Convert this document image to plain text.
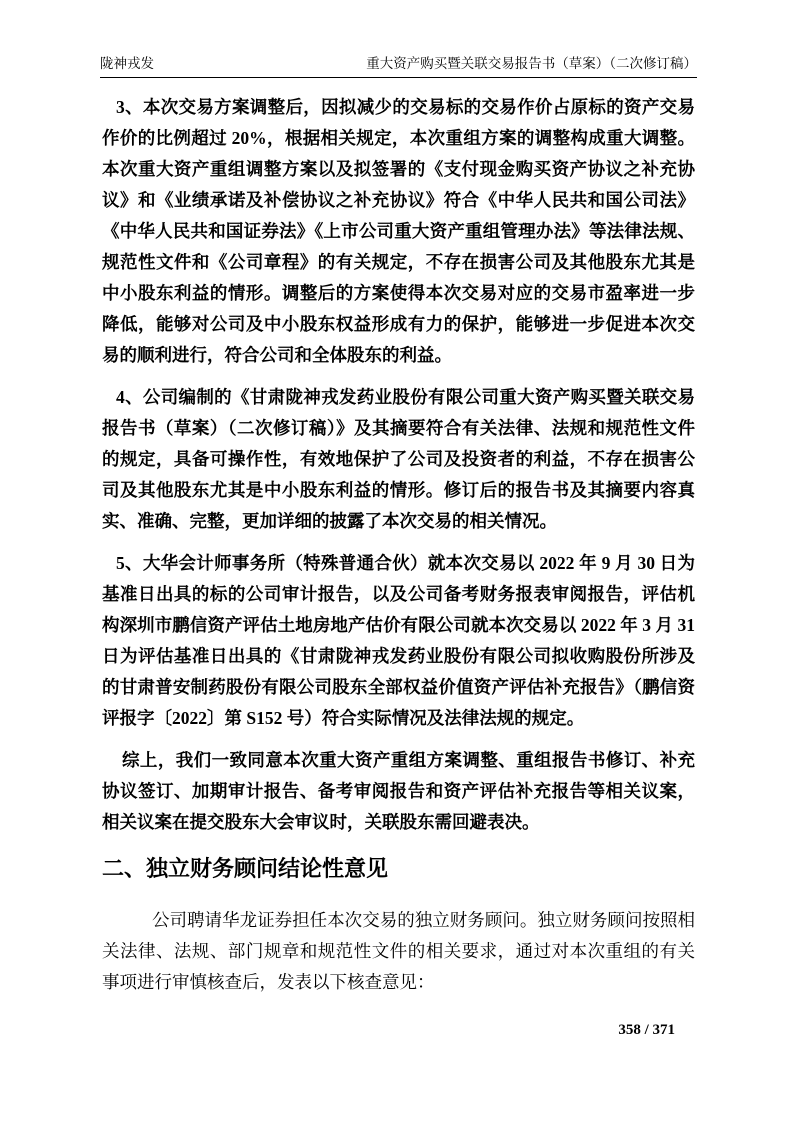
陇神戎发	重大资产购买暨关联交易报告书（草案）（二次修订稿）

3、本次交易方案调整后，因拟减少的交易标的交易作价占原标的资产交易作价的比例超过 20%，根据相关规定，本次重组方案的调整构成重大调整。本次重大资产重组调整方案以及拟签署的《支付现金购买资产协议之补充协议》和《业绩承诺及补偿协议之补充协议》符合《中华人民共和国公司法》《中华人民共和国证券法》《上市公司重大资产重组管理办法》等法律法规、规范性文件和《公司章程》的有关规定，不存在损害公司及其他股东尤其是中小股东利益的情形。调整后的方案使得本次交易对应的交易市盈率进一步降低，能够对公司及中小股东权益形成有力的保护，能够进一步促进本次交易的顺利进行，符合公司和全体股东的利益。

4、公司编制的《甘肃陇神戎发药业股份有限公司重大资产购买暨关联交易报告书（草案）（二次修订稿）》及其摘要符合有关法律、法规和规范性文件的规定，具备可操作性，有效地保护了公司及投资者的利益，不存在损害公司及其他股东尤其是中小股东利益的情形。修订后的报告书及其摘要内容真实、准确、完整，更加详细的披露了本次交易的相关情况。

5、大华会计师事务所（特殊普通合伙）就本次交易以 2022 年 9 月 30 日为基准日出具的标的公司审计报告，以及公司备考财务报表审阅报告，评估机构深圳市鹏信资产评估土地房地产估价有限公司就本次交易以 2022 年 3 月 31 日为评估基准日出具的《甘肃陇神戎发药业股份有限公司拟收购股份所涉及的甘肃普安制药股份有限公司股东全部权益价值资产评估补充报告》（鹏信资评报字〔2022〕第 S152 号）符合实际情况及法律法规的规定。

综上，我们一致同意本次重大资产重组方案调整、重组报告书修订、补充协议签订、加期审计报告、备考审阅报告和资产评估补充报告等相关议案，相关议案在提交股东大会审议时，关联股东需回避表决。

二、独立财务顾问结论性意见

公司聘请华龙证券担任本次交易的独立财务顾问。独立财务顾问按照相关法律、法规、部门规章和规范性文件的相关要求，通过对本次重组的有关事项进行审慎核查后，发表以下核查意见：

358 / 371
